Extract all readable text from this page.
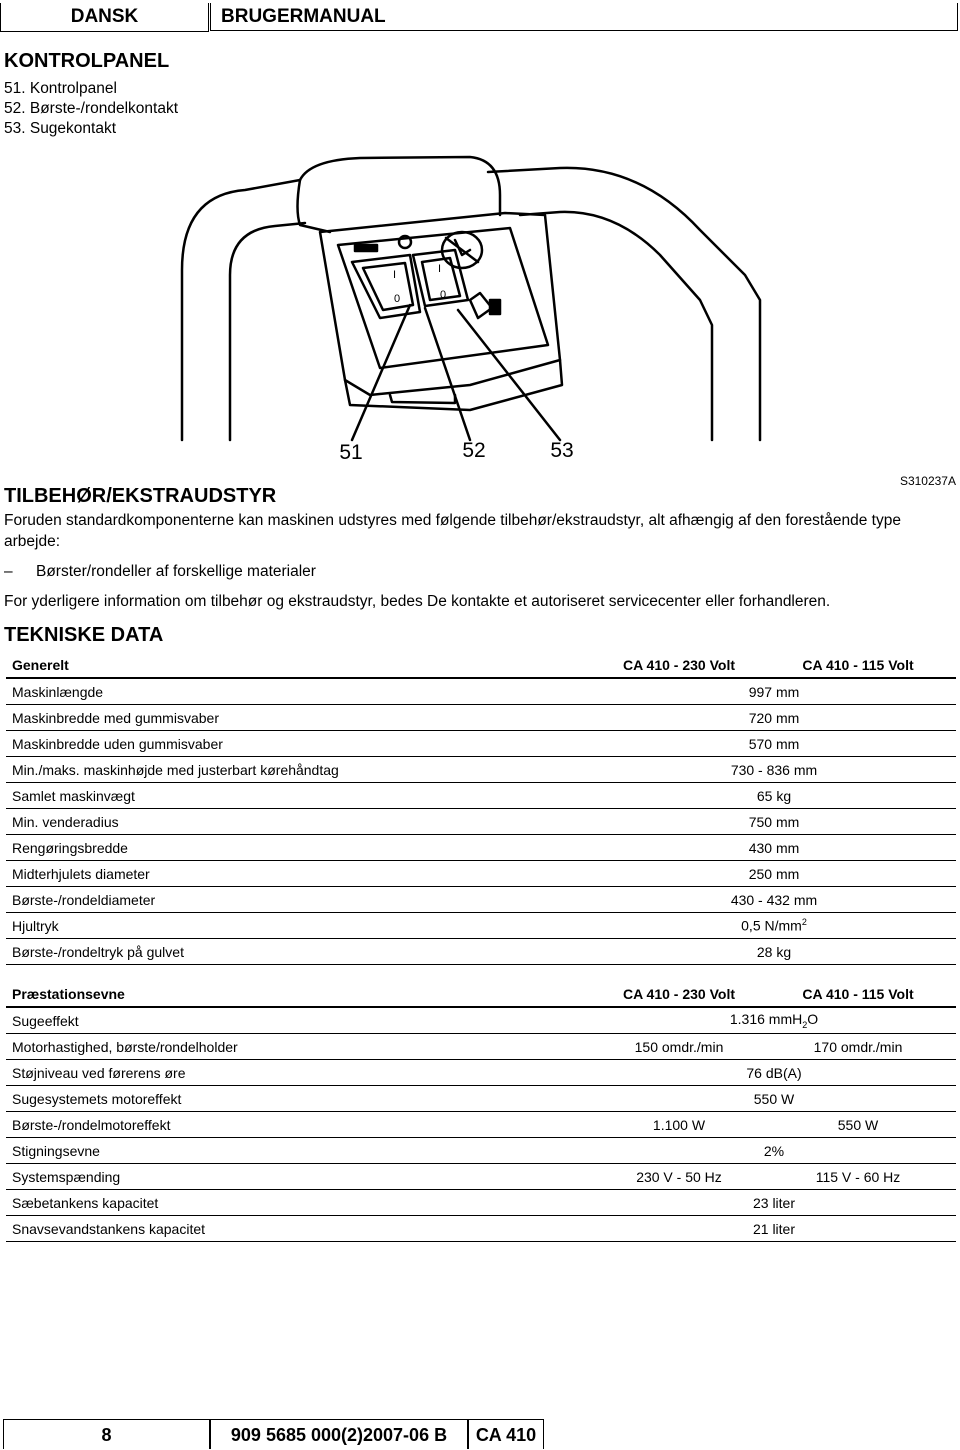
DANSK	BRUGERMANUAL
KONTROLPANEL
51. Kontrolpanel
52. Børste-/rondelkontakt
53. Sugekontakt
I	I
0	0
51	52	53
S310237A
TILBEHØR/EKSTRAUDSTYR
Foruden standardkomponenterne kan maskinen udstyres med følgende tilbehør/ekstraudstyr, alt afhængig af den forestående type
arbejde:
– Børster/rondeller af forskellige materialer
For yderligere information om tilbehør og ekstraudstyr, bedes De kontakte et autoriseret servicecenter eller forhandleren.
TEKNISKE DATA
Generelt	CA 410 - 230 Volt	CA 410 - 115 Volt
Maskinlængde	997 mm	
Maskinbredde med gummisvaber	720 mm	
Maskinbredde uden gummisvaber	570 mm	
Min./maks. maskinhøjde med justerbart kørehåndtag	730 - 836 mm	
Samlet maskinvægt	65 kg	
Min. venderadius	750 mm	
Rengøringsbredde	430 mm	
Midterhjulets diameter	250 mm	
Børste-/rondeldiameter	430 - 432 mm	
Hjultryk	0,5 $N/mm^2$
Børste-/rondeltryk på gulvet	28 kg	
Præstationsevne	CA 410 - 230 Volt	CA 410 - 115 Volt
Sugeeffekt	1.316 mmH$_2$O	
Motorhastighed, børste/rondelholder	150 omdr./min	170 omdr./min
Støjniveau ved førerens øre	76 dB(A)	
Sugesystemets motoreffekt	550 W	
Børste-/rondelmotoreffekt	1.100 W	550 W
Stigningsevne	2%	
Systemspænding	230 V - 50 Hz	115 V - 60 Hz
Sæbetankens kapacitet	23 liter	
Snavsevandstankens kapacitet	21 liter	
8	909 5685 000(2)2007-06 B	CA 410
